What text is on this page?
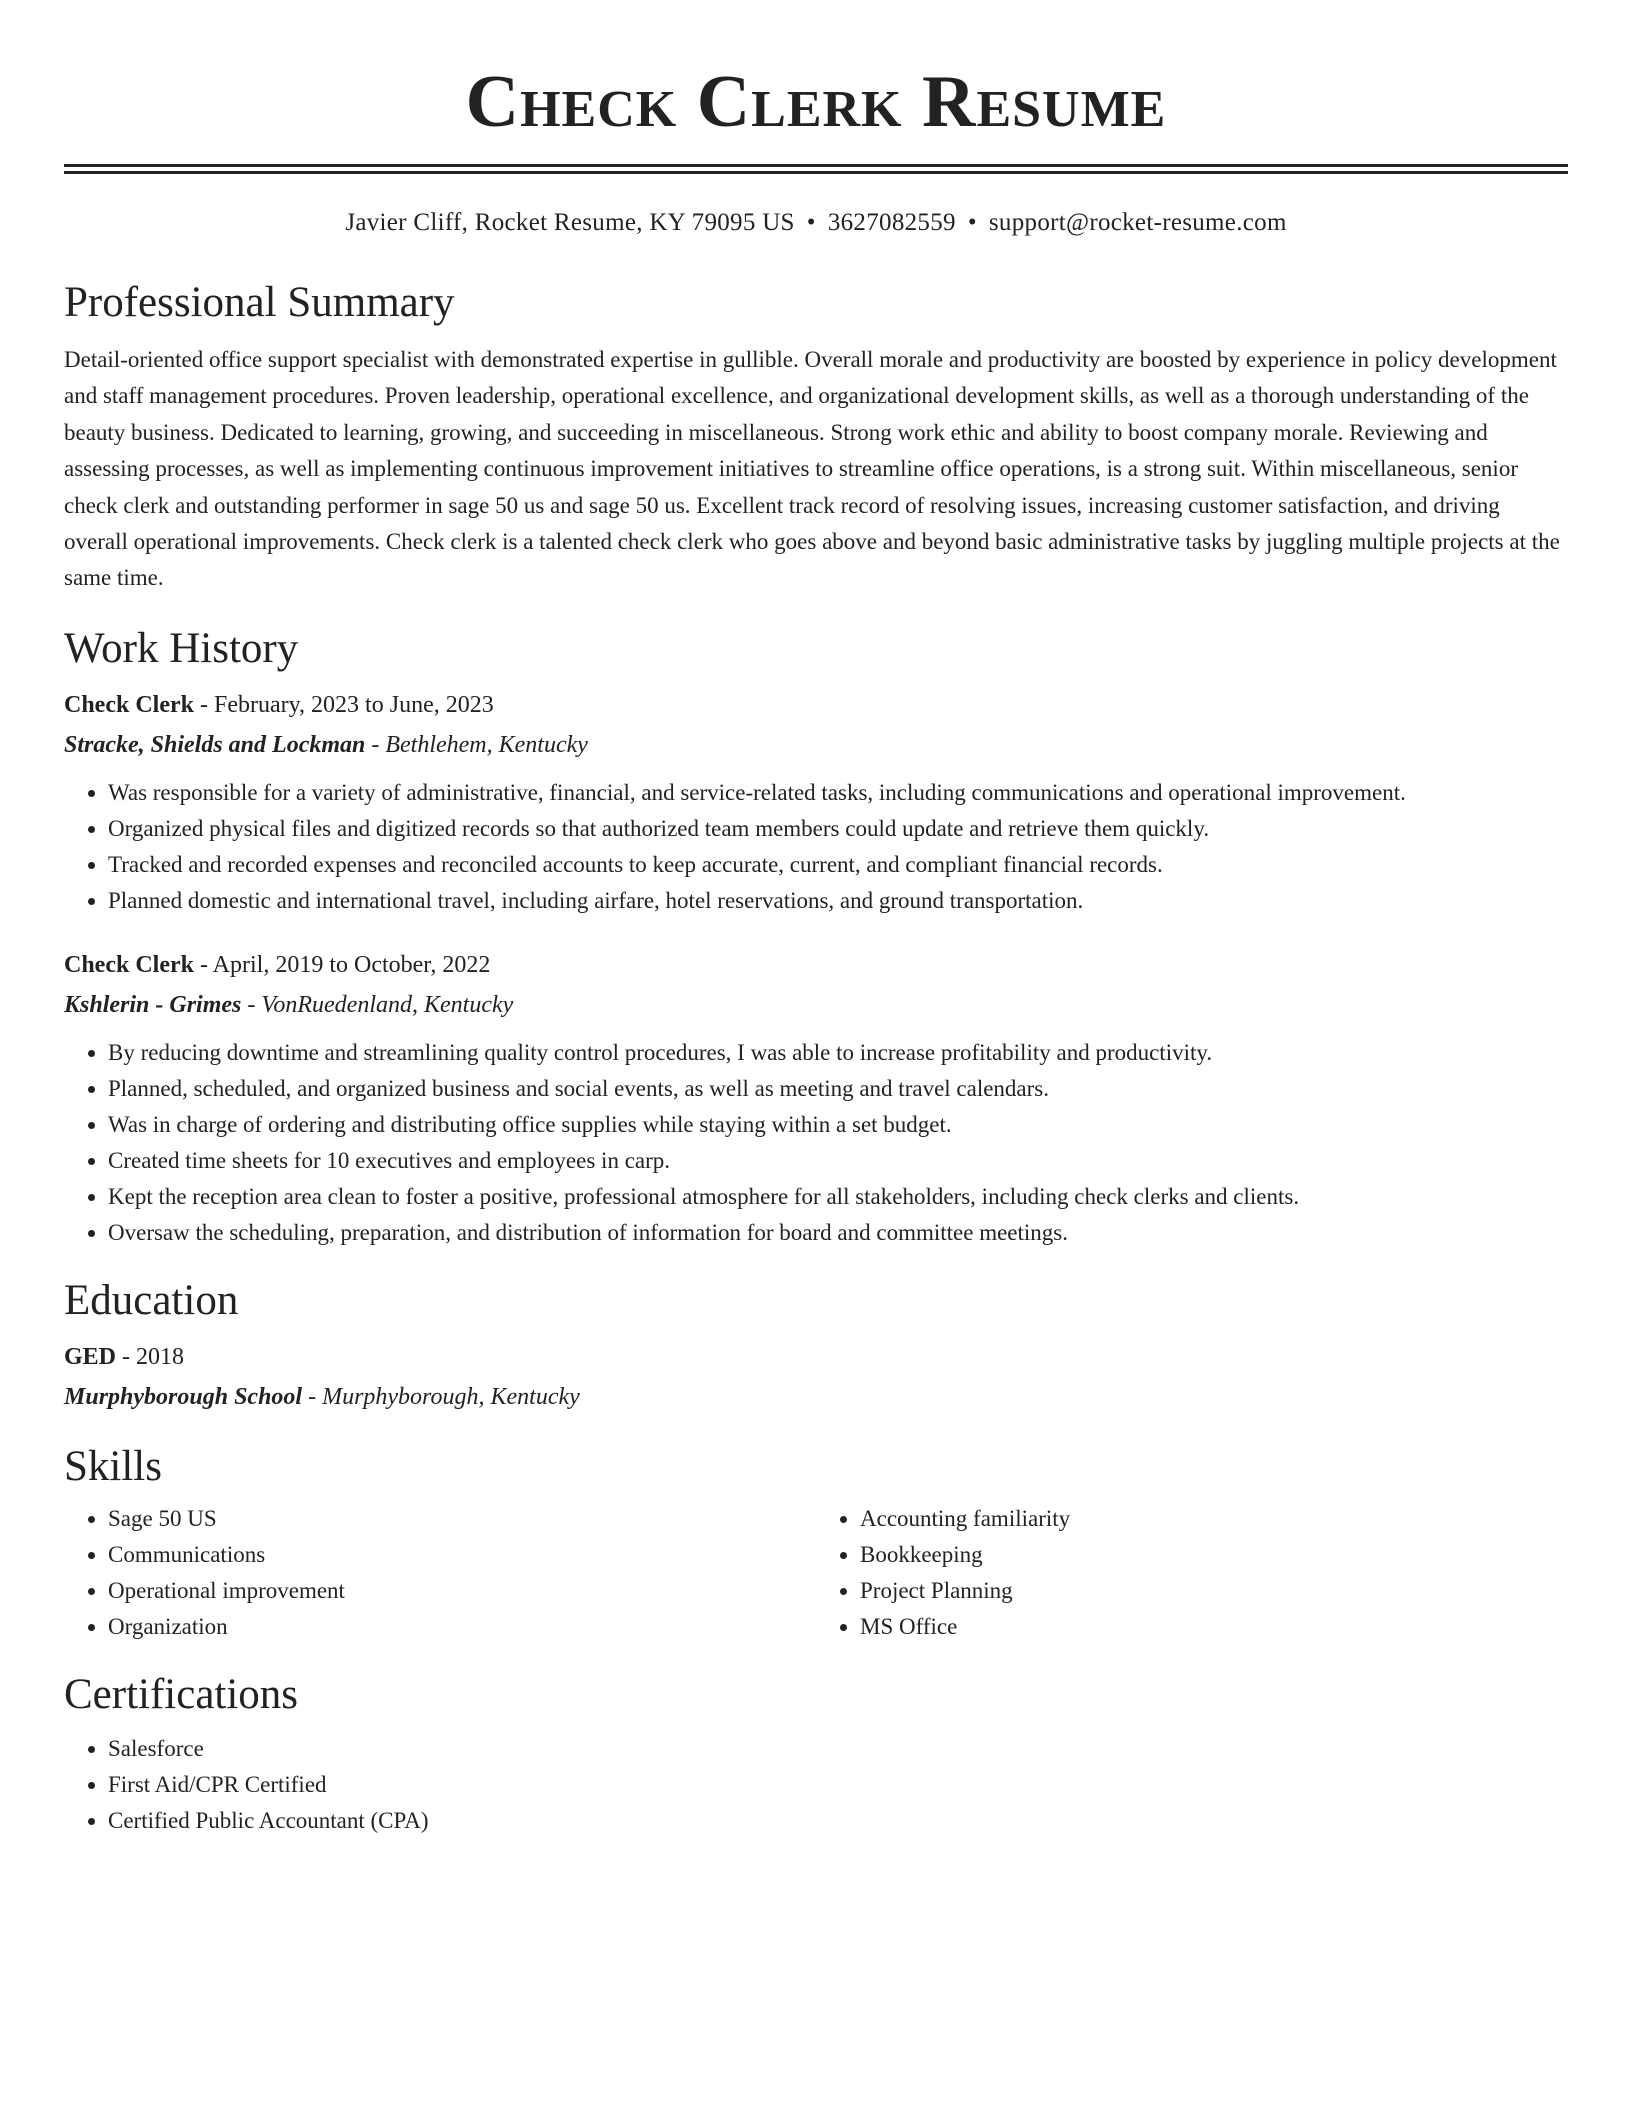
Check Clerk Resume
Javier Cliff, Rocket Resume, KY 79095 US • 3627082559 • support@rocket-resume.com
Professional Summary

Detail-oriented office support specialist with demonstrated expertise in gullible. Overall morale and productivity are boosted by experience in policy development and staff management procedures. Proven leadership, operational excellence, and organizational development skills, as well as a thorough understanding of the beauty business. Dedicated to learning, growing, and succeeding in miscellaneous. Strong work ethic and ability to boost company morale. Reviewing and assessing processes, as well as implementing continuous improvement initiatives to streamline office operations, is a strong suit. Within miscellaneous, senior check clerk and outstanding performer in sage 50 us and sage 50 us. Excellent track record of resolving issues, increasing customer satisfaction, and driving overall operational improvements. Check clerk is a talented check clerk who goes above and beyond basic administrative tasks by juggling multiple projects at the same time.

Work History
Check Clerk - February, 2023 to June, 2023
Stracke, Shields and Lockman - Bethlehem, Kentucky
• Was responsible for a variety of administrative, financial, and service-related tasks, including communications and operational improvement.
• Organized physical files and digitized records so that authorized team members could update and retrieve them quickly.
• Tracked and recorded expenses and reconciled accounts to keep accurate, current, and compliant financial records.
• Planned domestic and international travel, including airfare, hotel reservations, and ground transportation.
Check Clerk - April, 2019 to October, 2022
Kshlerin - Grimes - VonRuedenland, Kentucky
• By reducing downtime and streamlining quality control procedures, I was able to increase profitability and productivity.
• Planned, scheduled, and organized business and social events, as well as meeting and travel calendars.
• Was in charge of ordering and distributing office supplies while staying within a set budget.
• Created time sheets for 10 executives and employees in carp.
• Kept the reception area clean to foster a positive, professional atmosphere for all stakeholders, including check clerks and clients.
• Oversaw the scheduling, preparation, and distribution of information for board and committee meetings.
Education
GED - 2018
Murphyborough School - Murphyborough, Kentucky
Skills
• Sage 50 US
• Communications
• Operational improvement
• Organization
• Accounting familiarity
• Bookkeeping
• Project Planning
• MS Office
Certifications
• Salesforce
• First Aid/CPR Certified
• Certified Public Accountant (CPA)
